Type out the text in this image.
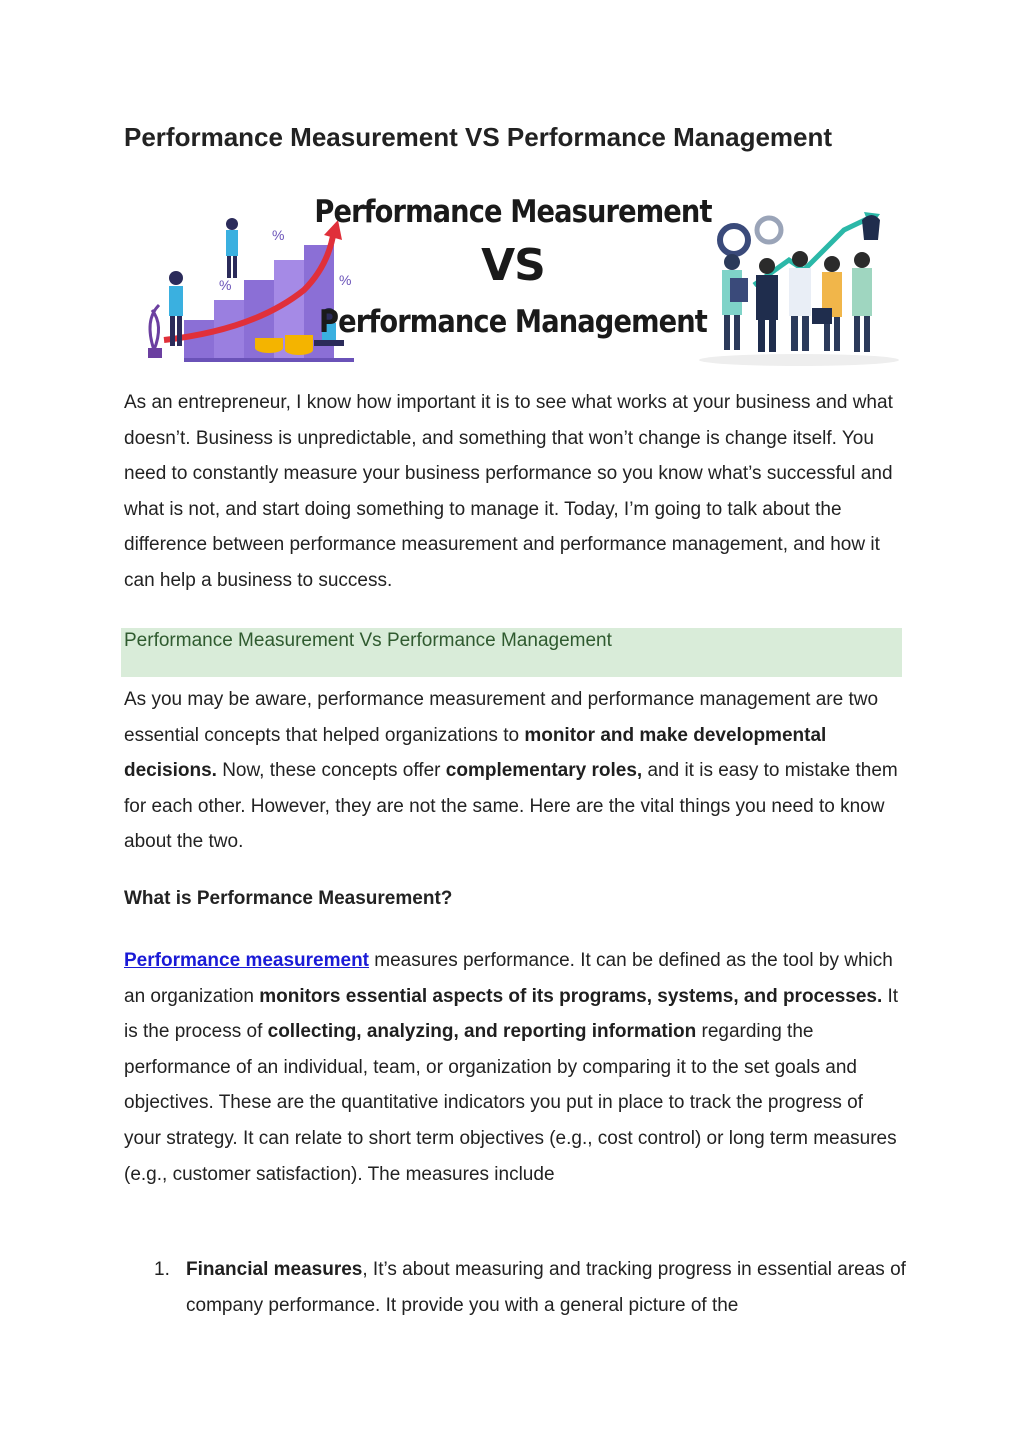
Performance Measurement VS Performance Management
%
%	%
Performance Measurement
VS
Performance Management

As an entrepreneur, I know how important it is to see what works at your business and what doesn’t. Business is unpredictable, and something that won’t change is change itself. You need to constantly measure your business performance so you know what’s successful and what is not, and start doing something to manage it. Today, I’m going to talk about the difference between performance measurement and performance management, and how it can help a business to success.

Performance Measurement Vs Performance Management

As you may be aware, performance measurement and performance management are two essential concepts that helped organizations to monitor and make developmental decisions. Now, these concepts offer complementary roles, and it is easy to mistake them for each other. However, they are not the same. Here are the vital things you need to know about the two.

What is Performance Measurement?

Performance measurement measures performance. It can be defined as the tool by which an organization monitors essential aspects of its programs, systems, and processes. It is the process of collecting, analyzing, and reporting information regarding the performance of an individual, team, or organization by comparing it to the set goals and objectives. These are the quantitative indicators you put in place to track the progress of your strategy. It can relate to short term objectives (e.g., cost control) or long term measures (e.g., customer satisfaction). The measures include

1. Financial measures, It’s about measuring and tracking progress in essential areas of company performance. It provide you with a general picture of the
